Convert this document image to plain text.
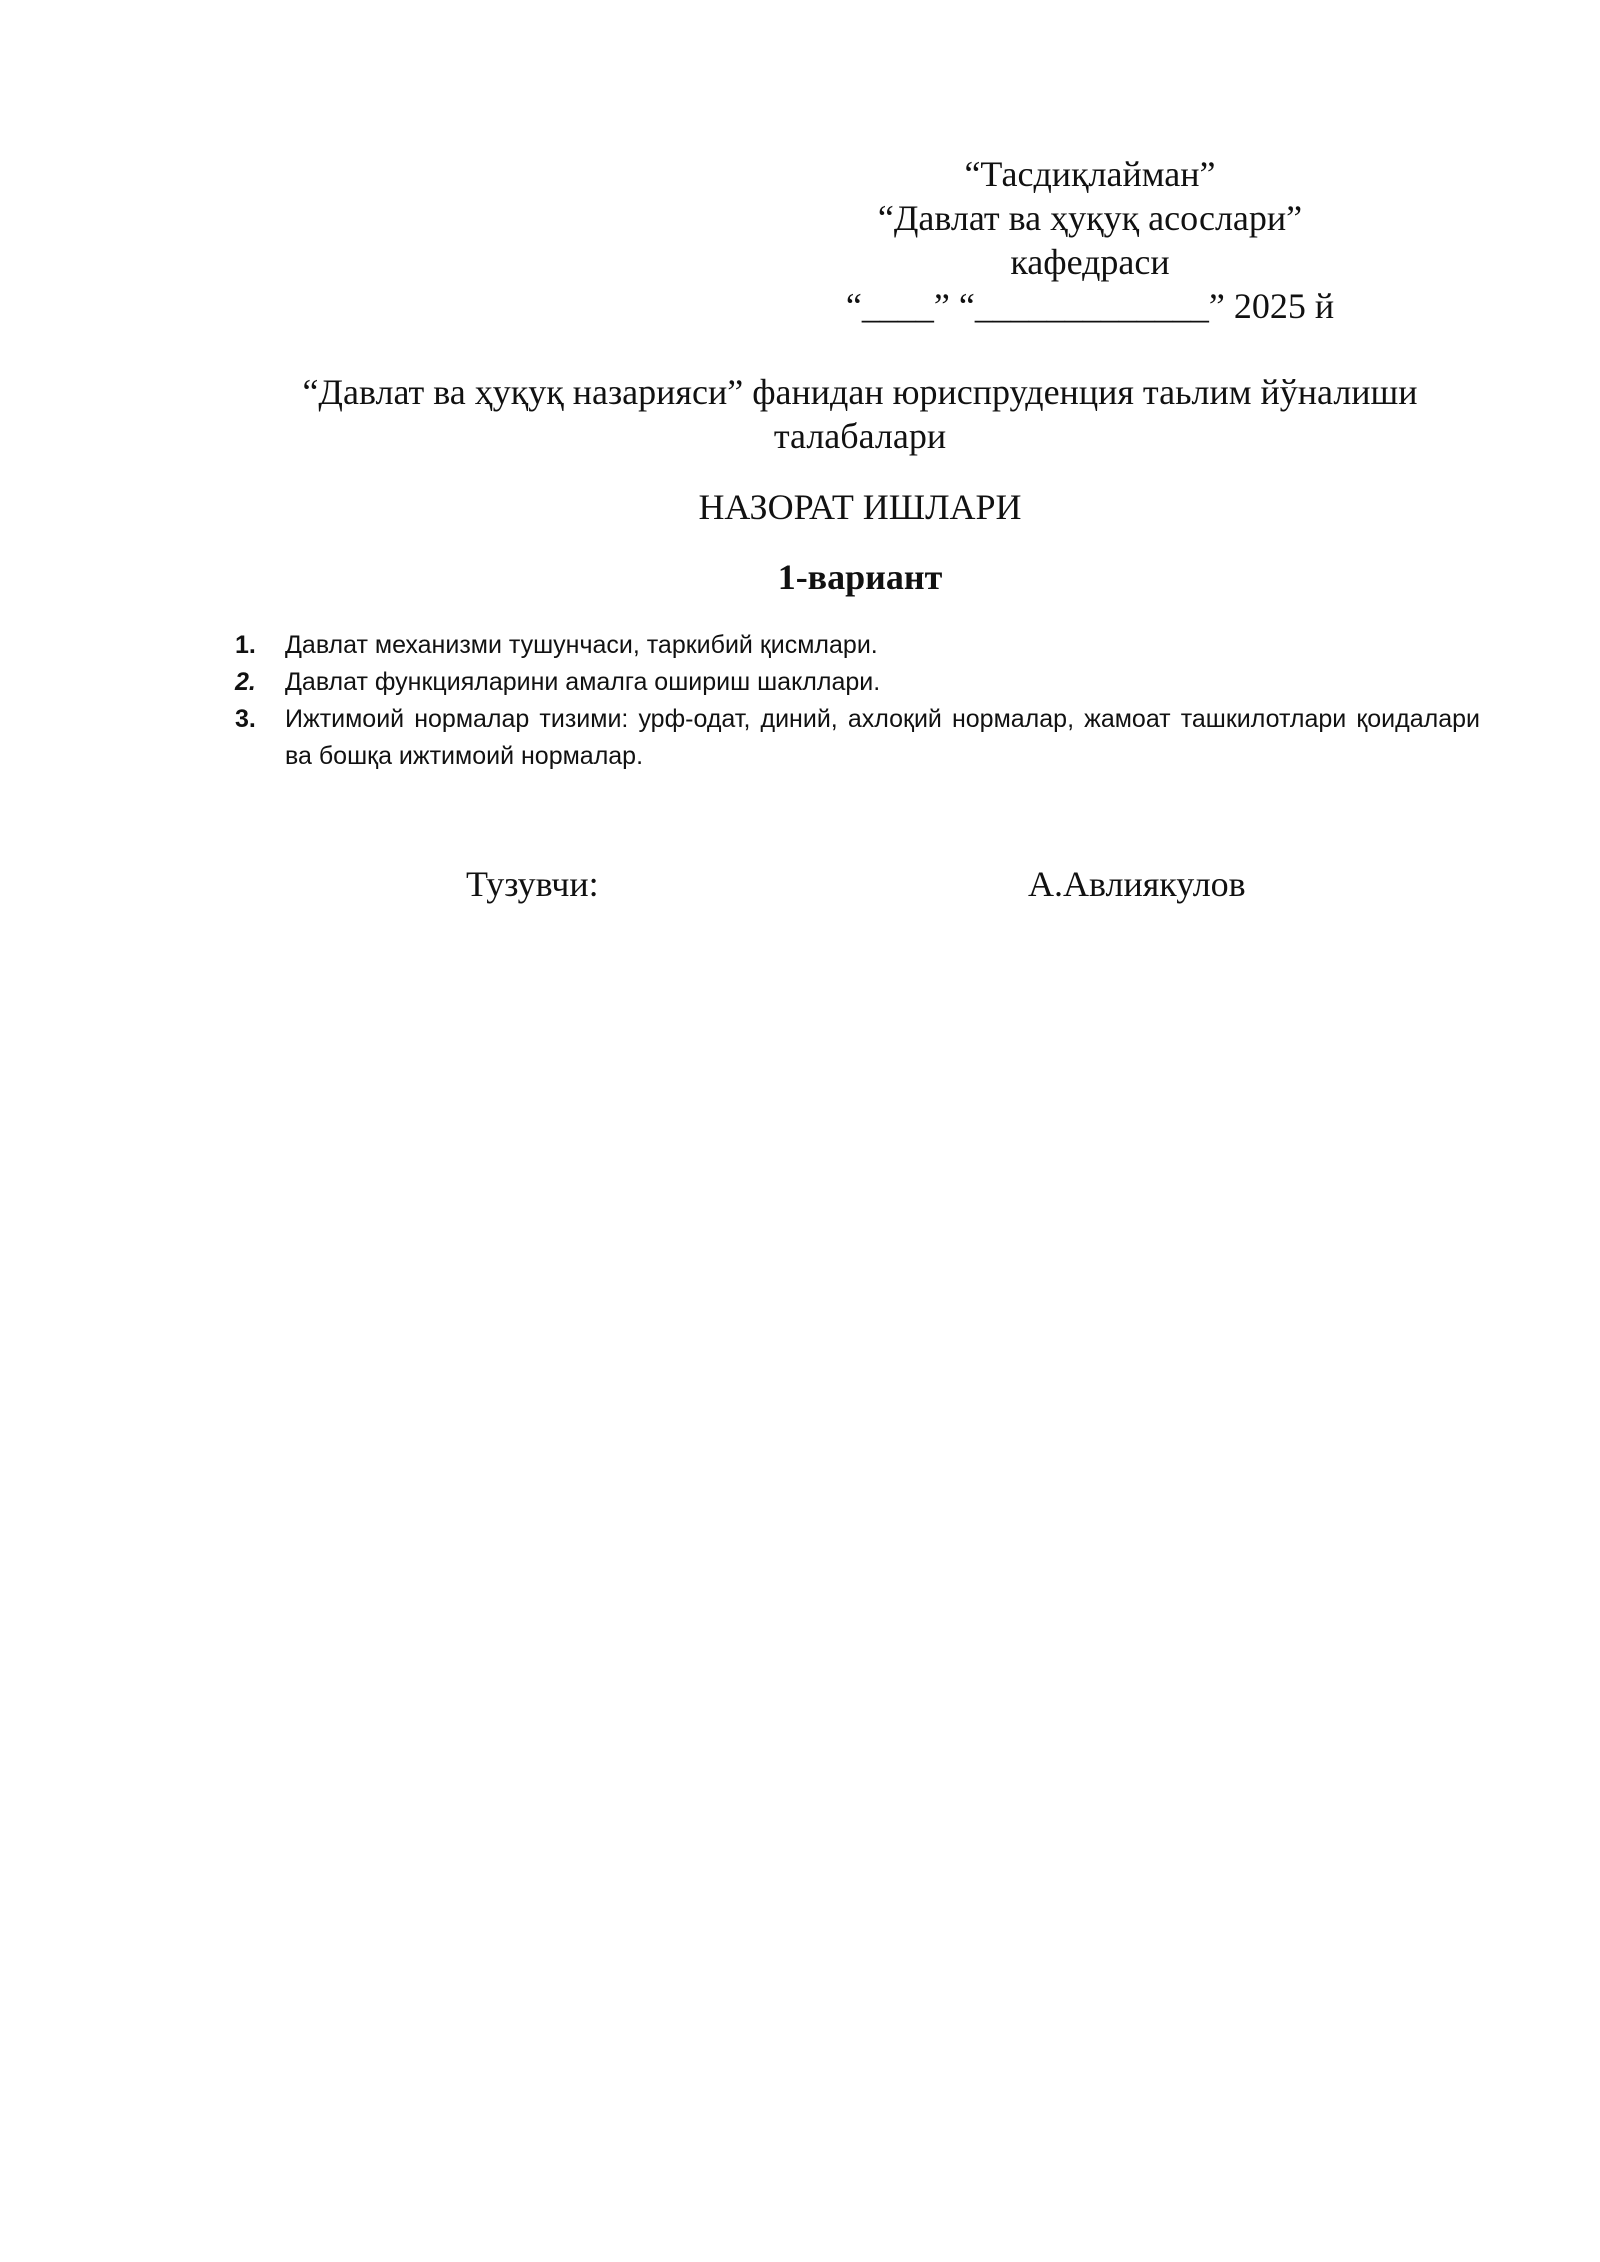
“Тасдиқлайман”
“Давлат ва ҳуқуқ асослари”
кафедраси
“____” “_____________” 2025 й
“Давлат ва ҳуқуқ назарияси” фанидан юриспруденция таьлим йўналиши талабалари
НАЗОРАТ ИШЛАРИ
1-вариант
1. Давлат механизми тушунчаси, таркибий қисмлари.
2. Давлат функцияларини амалга ошириш шакллари.
3. Ижтимоий нормалар тизими: урф-одат, диний, ахлоқий нормалар, жамоат ташкилотлари қоидалари ва бошқа ижтимоий нормалар.
Тузувчи:	А.Авлиякулов
